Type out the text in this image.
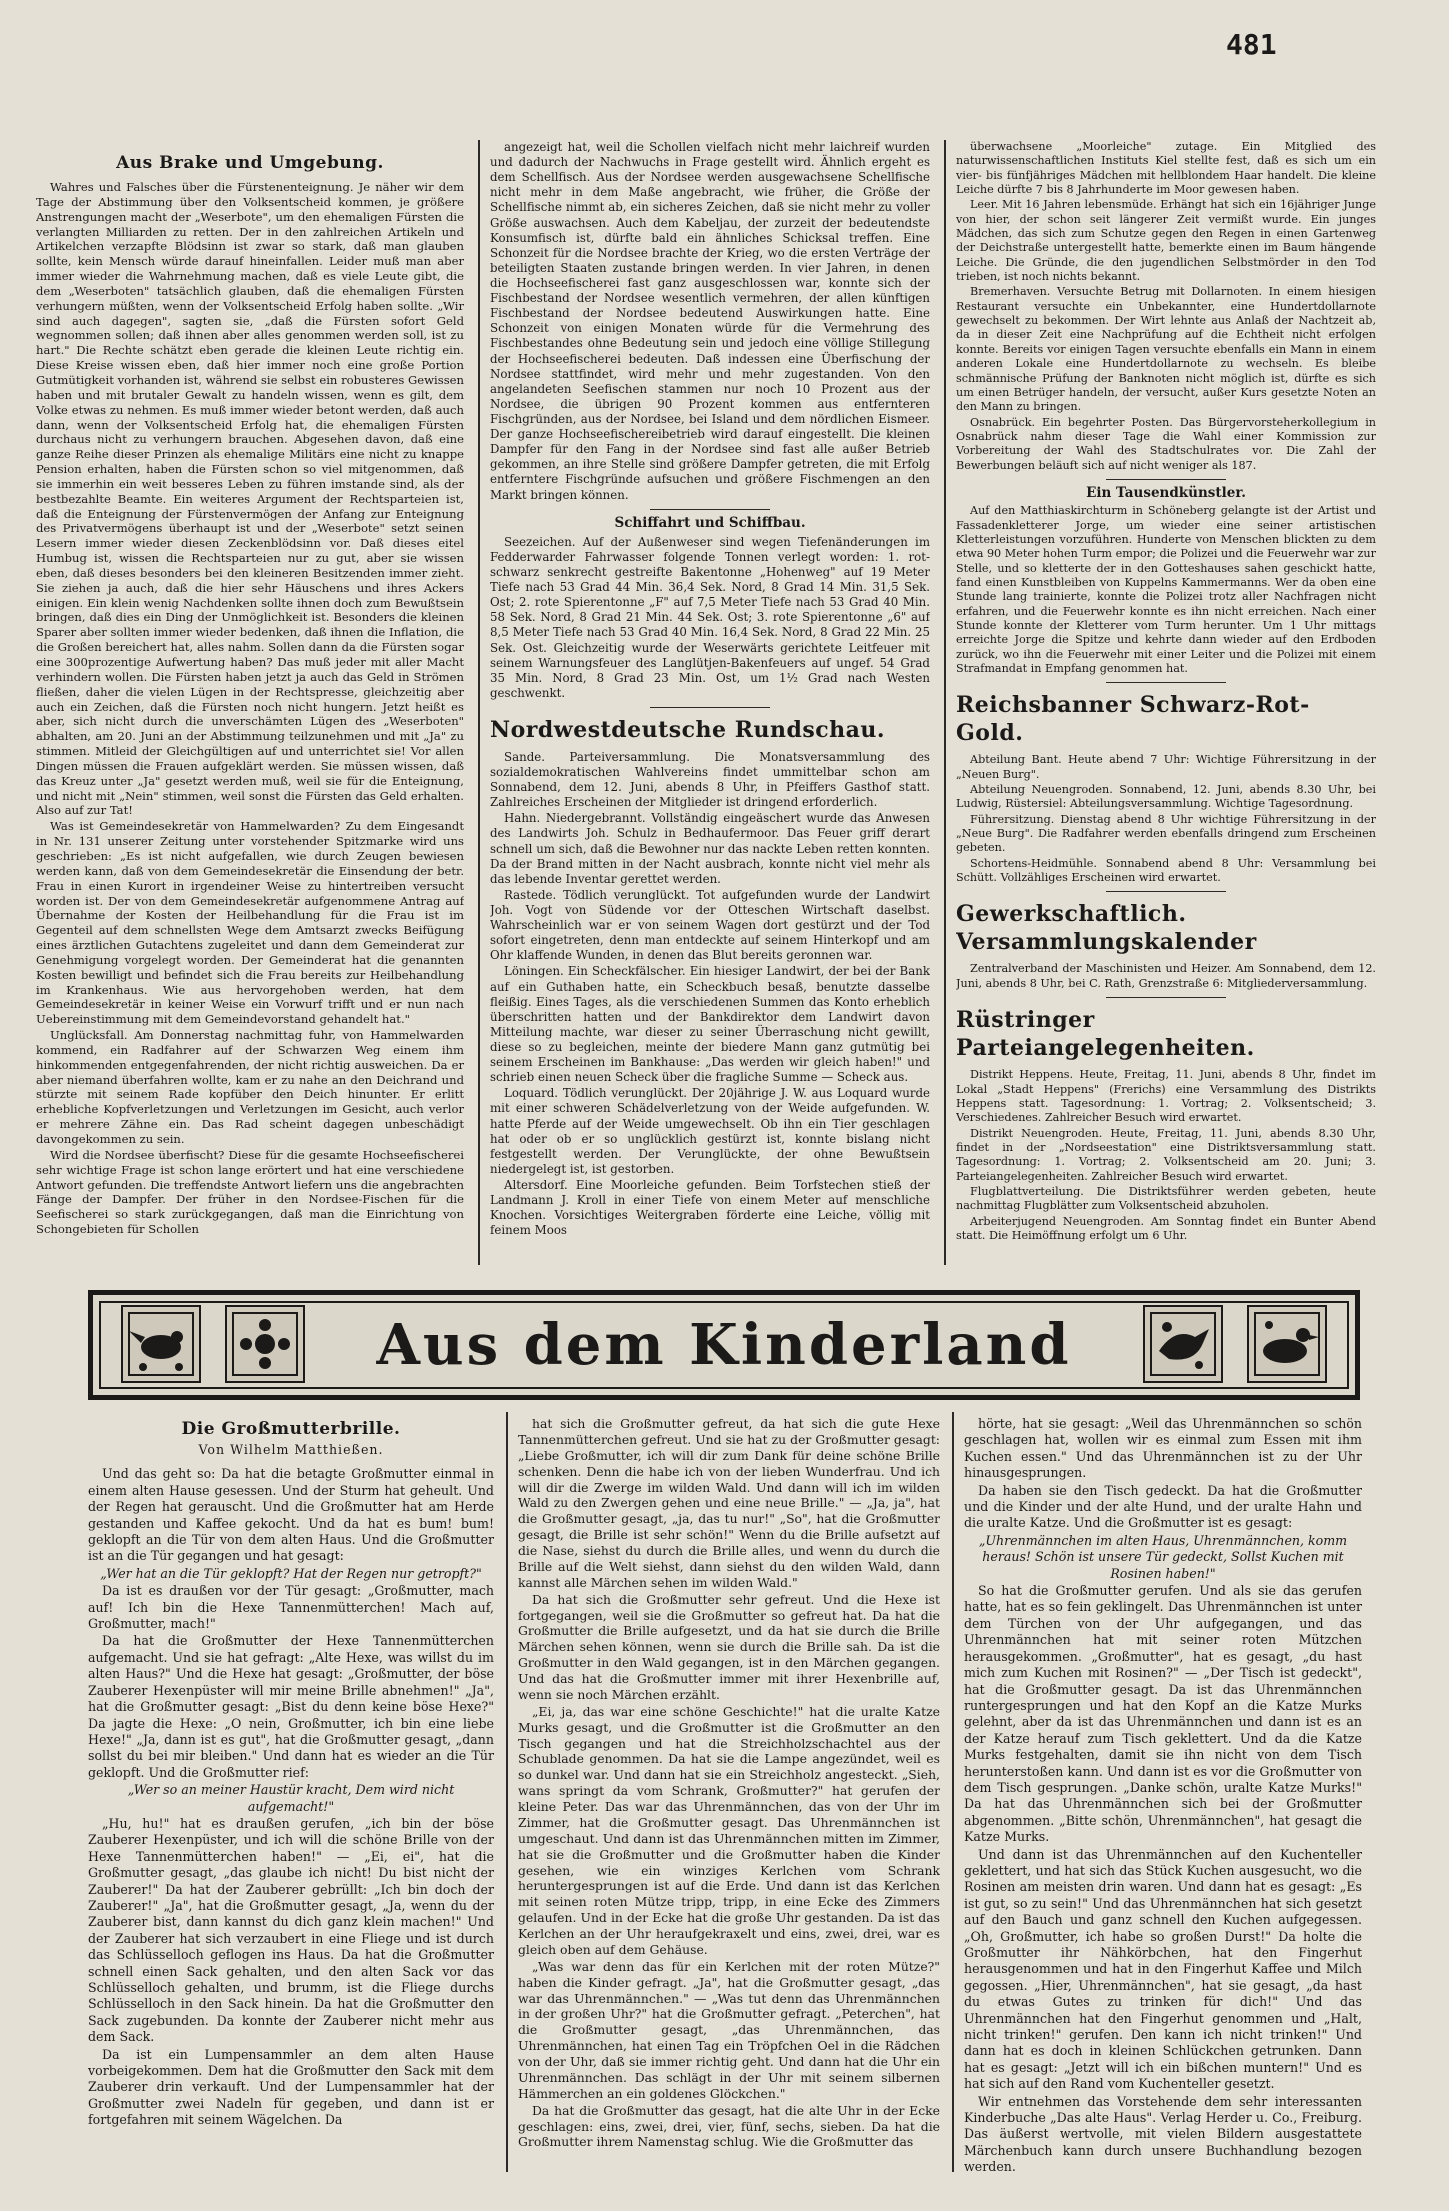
481
Aus Brake und Umgebung.

Wahres und Falsches über die Fürstenenteignung. Je näher wir dem Tage der Abstimmung über den Volksentscheid kommen, je größere Anstrengungen macht der „Weserbote", um den ehemaligen Fürsten die verlangten Milliarden zu retten. Der in den zahlreichen Artikeln und Artikelchen verzapfte Blödsinn ist zwar so stark, daß man glauben sollte, kein Mensch würde darauf hineinfallen. Leider muß man aber immer wieder die Wahrnehmung machen, daß es viele Leute gibt, die dem „Weserboten" tatsächlich glauben, daß die ehemaligen Fürsten verhungern müßten, wenn der Volksentscheid Erfolg haben sollte. „Wir sind auch dagegen", sagten sie, „daß die Fürsten sofort Geld wegnommen sollen; daß ihnen aber alles genommen werden soll, ist zu hart." Die Rechte schätzt eben gerade die kleinen Leute richtig ein. Diese Kreise wissen eben, daß hier immer noch eine große Portion Gutmütigkeit vorhanden ist, während sie selbst ein robusteres Gewissen haben und mit brutaler Gewalt zu handeln wissen, wenn es gilt, dem Volke etwas zu nehmen. Es muß immer wieder betont werden, daß auch dann, wenn der Volksentscheid Erfolg hat, die ehemaligen Fürsten durchaus nicht zu verhungern brauchen. Abgesehen davon, daß eine ganze Reihe dieser Prinzen als ehemalige Militärs eine nicht zu knappe Pension erhalten, haben die Fürsten schon so viel mitgenommen, daß sie immerhin ein weit besseres Leben zu führen imstande sind, als der bestbezahlte Beamte. Ein weiteres Argument der Rechtsparteien ist, daß die Enteignung der Fürstenvermögen der Anfang zur Enteignung des Privatvermögens überhaupt ist und der „Weserbote" setzt seinen Lesern immer wieder diesen Zeckenblödsinn vor. Daß dieses eitel Humbug ist, wissen die Rechtsparteien nur zu gut, aber sie wissen eben, daß dieses besonders bei den kleineren Besitzenden immer zieht. Sie ziehen ja auch, daß die hier sehr Häuschens und ihres Ackers einigen. Ein klein wenig Nachdenken sollte ihnen doch zum Bewußtsein bringen, daß dies ein Ding der Unmöglichkeit ist. Besonders die kleinen Sparer aber sollten immer wieder bedenken, daß ihnen die Inflation, die die Großen bereichert hat, alles nahm. Sollen dann da die Fürsten sogar eine 300prozentige Aufwertung haben? Das muß jeder mit aller Macht verhindern wollen. Die Fürsten haben jetzt ja auch das Geld in Strömen fließen, daher die vielen Lügen in der Rechtspresse, gleichzeitig aber auch ein Zeichen, daß die Fürsten noch nicht hungern. Jetzt heißt es aber, sich nicht durch die unverschämten Lügen des „Weserboten" abhalten, am 20. Juni an der Abstimmung teilzunehmen und mit „Ja" zu stimmen. Mitleid der Gleichgültigen auf und unterrichtet sie! Vor allen Dingen müssen die Frauen aufgeklärt werden. Sie müssen wissen, daß das Kreuz unter „Ja" gesetzt werden muß, weil sie für die Enteignung, und nicht mit „Nein" stimmen, weil sonst die Fürsten das Geld erhalten. Also auf zur Tat!

Was ist Gemeindesekretär von Hammelwarden? Zu dem Eingesandt in Nr. 131 unserer Zeitung unter vorstehender Spitzmarke wird uns geschrieben: „Es ist nicht aufgefallen, wie durch Zeugen bewiesen werden kann, daß von dem Gemeindesekretär die Einsendung der betr. Frau in einen Kurort in irgendeiner Weise zu hintertreiben versucht worden ist. Der von dem Gemeindesekretär aufgenommene Antrag auf Übernahme der Kosten der Heilbehandlung für die Frau ist im Gegenteil auf dem schnellsten Wege dem Amtsarzt zwecks Beifügung eines ärztlichen Gutachtens zugeleitet und dann dem Gemeinderat zur Genehmigung vorgelegt worden. Der Gemeinderat hat die genannten Kosten bewilligt und befindet sich die Frau bereits zur Heilbehandlung im Krankenhaus. Wie aus hervorgehoben werden, hat dem Gemeindesekretär in keiner Weise ein Vorwurf trifft und er nun nach Uebereinstimmung mit dem Gemeindevorstand gehandelt hat."

Unglücksfall. Am Donnerstag nachmittag fuhr, von Hammelwarden kommend, ein Radfahrer auf der Schwarzen Weg einem ihm hinkommenden entgegenfahrenden, der nicht richtig ausweichen. Da er aber niemand überfahren wollte, kam er zu nahe an den Deichrand und stürzte mit seinem Rade kopfüber den Deich hinunter. Er erlitt erhebliche Kopfverletzungen und Verletzungen im Gesicht, auch verlor er mehrere Zähne ein. Das Rad scheint dagegen unbeschädigt davongekommen zu sein.

Wird die Nordsee überfischt? Diese für die gesamte Hochseefischerei sehr wichtige Frage ist schon lange erörtert und hat eine verschiedene Antwort gefunden. Die treffendste Antwort liefern uns die angebrachten Fänge der Dampfer. Der früher in den Nordsee-Fischen für die Seefischerei so stark zurückgegangen, daß man die Einrichtung von Schongebieten für Schollen

angezeigt hat, weil die Schollen vielfach nicht mehr laichreif wurden und dadurch der Nachwuchs in Frage gestellt wird. Ähnlich ergeht es dem Schellfisch. Aus der Nordsee werden ausgewachsene Schellfische nicht mehr in dem Maße angebracht, wie früher, die Größe der Schellfische nimmt ab, ein sicheres Zeichen, daß sie nicht mehr zu voller Größe auswachsen. Auch dem Kabeljau, der zurzeit der bedeutendste Konsumfisch ist, dürfte bald ein ähnliches Schicksal treffen. Eine Schonzeit für die Nordsee brachte der Krieg, wo die ersten Verträge der beteiligten Staaten zustande bringen werden. In vier Jahren, in denen die Hochseefischerei fast ganz ausgeschlossen war, konnte sich der Fischbestand der Nordsee wesentlich vermehren, der allen künftigen Fischbestand der Nordsee bedeutend Auswirkungen hatte. Eine Schonzeit von einigen Monaten würde für die Vermehrung des Fischbestandes ohne Bedeutung sein und jedoch eine völlige Stillegung der Hochseefischerei bedeuten. Daß indessen eine Überfischung der Nordsee stattfindet, wird mehr und mehr zugestanden. Von den angelandeten Seefischen stammen nur noch 10 Prozent aus der Nordsee, die übrigen 90 Prozent kommen aus entfernteren Fischgründen, aus der Nordsee, bei Island und dem nördlichen Eismeer. Der ganze Hochseefischereibetrieb wird darauf eingestellt. Die kleinen Dampfer für den Fang in der Nordsee sind fast alle außer Betrieb gekommen, an ihre Stelle sind größere Dampfer getreten, die mit Erfolg entferntere Fischgründe aufsuchen und größere Fischmengen an den Markt bringen können.

Schiffahrt und Schiffbau.

Seezeichen. Auf der Außenweser sind wegen Tiefenänderungen im Fedderwarder Fahrwasser folgende Tonnen verlegt worden: 1. rot-schwarz senkrecht gestreifte Bakentonne „Hohenweg" auf 19 Meter Tiefe nach 53 Grad 44 Min. 36,4 Sek. Nord, 8 Grad 14 Min. 31,5 Sek. Ost; 2. rote Spierentonne „F" auf 7,5 Meter Tiefe nach 53 Grad 40 Min. 58 Sek. Nord, 8 Grad 21 Min. 44 Sek. Ost; 3. rote Spierentonne „6" auf 8,5 Meter Tiefe nach 53 Grad 40 Min. 16,4 Sek. Nord, 8 Grad 22 Min. 25 Sek. Ost. Gleichzeitig wurde der Weserwärts gerichtete Leitfeuer mit seinem Warnungsfeuer des Langlütjen-Bakenfeuers auf ungef. 54 Grad 35 Min. Nord, 8 Grad 23 Min. Ost, um 1½ Grad nach Westen geschwenkt.

Nordwestdeutsche Rundschau.

Sande. Parteiversammlung. Die Monatsversammlung des sozialdemokratischen Wahlvereins findet ummittelbar schon am Sonnabend, dem 12. Juni, abends 8 Uhr, in Pfeiffers Gasthof statt. Zahlreiches Erscheinen der Mitglieder ist dringend erforderlich.

Hahn. Niedergebrannt. Vollständig eingeäschert wurde das Anwesen des Landwirts Joh. Schulz in Bedhaufermoor. Das Feuer griff derart schnell um sich, daß die Bewohner nur das nackte Leben retten konnten. Da der Brand mitten in der Nacht ausbrach, konnte nicht viel mehr als das lebende Inventar gerettet werden.

Rastede. Tödlich verunglückt. Tot aufgefunden wurde der Landwirt Joh. Vogt von Südende vor der Otteschen Wirtschaft daselbst. Wahrscheinlich war er von seinem Wagen dort gestürzt und der Tod sofort eingetreten, denn man entdeckte auf seinem Hinterkopf und am Ohr klaffende Wunden, in denen das Blut bereits geronnen war.

Löningen. Ein Scheckfälscher. Ein hiesiger Landwirt, der bei der Bank auf ein Guthaben hatte, ein Scheckbuch besaß, benutzte dasselbe fleißig. Eines Tages, als die verschiedenen Summen das Konto erheblich überschritten hatten und der Bankdirektor dem Landwirt davon Mitteilung machte, war dieser zu seiner Überraschung nicht gewillt, diese so zu begleichen, meinte der biedere Mann ganz gutmütig bei seinem Erscheinen im Bankhause: „Das werden wir gleich haben!" und schrieb einen neuen Scheck über die fragliche Summe — Scheck aus.

Loquard. Tödlich verunglückt. Der 20jährige J. W. aus Loquard wurde mit einer schweren Schädelverletzung von der Weide aufgefunden. W. hatte Pferde auf der Weide umgewechselt. Ob ihn ein Tier geschlagen hat oder ob er so unglücklich gestürzt ist, konnte bislang nicht festgestellt werden. Der Verunglückte, der ohne Bewußtsein niedergelegt ist, ist gestorben.

Altersdorf. Eine Moorleiche gefunden. Beim Torfstechen stieß der Landmann J. Kroll in einer Tiefe von einem Meter auf menschliche Knochen. Vorsichtiges Weitergraben förderte eine Leiche, völlig mit feinem Moos

überwachsene „Moorleiche" zutage. Ein Mitglied des naturwissenschaftlichen Instituts Kiel stellte fest, daß es sich um ein vier- bis fünfjähriges Mädchen mit hellblondem Haar handelt. Die kleine Leiche dürfte 7 bis 8 Jahrhunderte im Moor gewesen haben.

Leer. Mit 16 Jahren lebensmüde. Erhängt hat sich ein 16jähriger Junge von hier, der schon seit längerer Zeit vermißt wurde. Ein junges Mädchen, das sich zum Schutze gegen den Regen in einen Gartenweg der Deichstraße untergestellt hatte, bemerkte einen im Baum hängende Leiche. Die Gründe, die den jugendlichen Selbstmörder in den Tod trieben, ist noch nichts bekannt.

Bremerhaven. Versuchte Betrug mit Dollarnoten. In einem hiesigen Restaurant versuchte ein Unbekannter, eine Hundertdollarnote gewechselt zu bekommen. Der Wirt lehnte aus Anlaß der Nachtzeit ab, da in dieser Zeit eine Nachprüfung auf die Echtheit nicht erfolgen konnte. Bereits vor einigen Tagen versuchte ebenfalls ein Mann in einem anderen Lokale eine Hundertdollarnote zu wechseln. Es bleibe schmännische Prüfung der Banknoten nicht möglich ist, dürfte es sich um einen Betrüger handeln, der versucht, außer Kurs gesetzte Noten an den Mann zu bringen.

Osnabrück. Ein begehrter Posten. Das Bürgervorsteherkollegium in Osnabrück nahm dieser Tage die Wahl einer Kommission zur Vorbereitung der Wahl des Stadtschulrates vor. Die Zahl der Bewerbungen beläuft sich auf nicht weniger als 187.

Ein Tausendkünstler.

Auf den Matthiaskirchturm in Schöneberg gelangte ist der Artist und Fassadenkletterer Jorge, um wieder eine seiner artistischen Kletterleistungen vorzuführen. Hunderte von Menschen blickten zu dem etwa 90 Meter hohen Turm empor; die Polizei und die Feuerwehr war zur Stelle, und so kletterte der in den Gotteshauses sahen geschickt hatte, fand einen Kunstbleiben von Kuppelns Kammermanns. Wer da oben eine Stunde lang trainierte, konnte die Polizei trotz aller Nachfragen nicht erfahren, und die Feuerwehr konnte es ihn nicht erreichen. Nach einer Stunde konnte der Kletterer vom Turm herunter. Um 1 Uhr mittags erreichte Jorge die Spitze und kehrte dann wieder auf den Erdboden zurück, wo ihn die Feuerwehr mit einer Leiter und die Polizei mit einem Strafmandat in Empfang genommen hat.

Reichsbanner Schwarz-Rot-Gold.

Abteilung Bant. Heute abend 7 Uhr: Wichtige Führersitzung in der „Neuen Burg".

Abteilung Neuengroden. Sonnabend, 12. Juni, abends 8.30 Uhr, bei Ludwig, Rüstersiel: Abteilungsversammlung. Wichtige Tagesordnung.

Führersitzung. Dienstag abend 8 Uhr wichtige Führersitzung in der „Neue Burg". Die Radfahrer werden ebenfalls dringend zum Erscheinen gebeten.

Schortens-Heidmühle. Sonnabend abend 8 Uhr: Versammlung bei Schütt. Vollzähliges Erscheinen wird erwartet.

Gewerkschaftlich. Versammlungskalender

Zentralverband der Maschinisten und Heizer. Am Sonnabend, dem 12. Juni, abends 8 Uhr, bei C. Rath, Grenzstraße 6: Mitgliederversammlung.

Rüstringer Parteiangelegenheiten.

Distrikt Heppens. Heute, Freitag, 11. Juni, abends 8 Uhr, findet im Lokal „Stadt Heppens" (Frerichs) eine Versammlung des Distrikts Heppens statt. Tagesordnung: 1. Vortrag; 2. Volksentscheid; 3. Verschiedenes. Zahlreicher Besuch wird erwartet.

Distrikt Neuengroden. Heute, Freitag, 11. Juni, abends 8.30 Uhr, findet in der „Nordseestation" eine Distriktsversammlung statt. Tagesordnung: 1. Vortrag; 2. Volksentscheid am 20. Juni; 3. Parteiangelegenheiten. Zahlreicher Besuch wird erwartet.

Flugblattverteilung. Die Distriktsführer werden gebeten, heute nachmittag Flugblätter zum Volksentscheid abzuholen.

Arbeiterjugend Neuengroden. Am Sonntag findet ein Bunter Abend statt. Die Heimöffnung erfolgt um 6 Uhr.

Aus dem Kinderland
Die Großmutterbrille.
Von Wilhelm Matthießen.

Und das geht so: Da hat die betagte Großmutter einmal in einem alten Hause gesessen. Und der Sturm hat geheult. Und der Regen hat gerauscht. Und die Großmutter hat am Herde gestanden und Kaffee gekocht. Und da hat es bum! bum! geklopft an die Tür von dem alten Haus. Und die Großmutter ist an die Tür gegangen und hat gesagt:

„Wer hat an die Tür geklopft? Hat der Regen nur getropft?"

Da ist es draußen vor der Tür gesagt: „Großmutter, mach auf! Ich bin die Hexe Tannenmütterchen! Mach auf, Großmutter, mach!"

Da hat die Großmutter der Hexe Tannenmütterchen aufgemacht. Und sie hat gefragt: „Alte Hexe, was willst du im alten Haus?" Und die Hexe hat gesagt: „Großmutter, der böse Zauberer Hexenpüster will mir meine Brille abnehmen!" „Ja", hat die Großmutter gesagt: „Bist du denn keine böse Hexe?" Da jagte die Hexe: „O nein, Großmutter, ich bin eine liebe Hexe!" „Ja, dann ist es gut", hat die Großmutter gesagt, „dann sollst du bei mir bleiben." Und dann hat es wieder an die Tür geklopft. Und die Großmutter rief:

„Wer so an meiner Haustür kracht, Dem wird nicht aufgemacht!"

„Hu, hu!" hat es draußen gerufen, „ich bin der böse Zauberer Hexenpüster, und ich will die schöne Brille von der Hexe Tannenmütterchen haben!" — „Ei, ei", hat die Großmutter gesagt, „das glaube ich nicht! Du bist nicht der Zauberer!" Da hat der Zauberer gebrüllt: „Ich bin doch der Zauberer!" „Ja", hat die Großmutter gesagt, „Ja, wenn du der Zauberer bist, dann kannst du dich ganz klein machen!" Und der Zauberer hat sich verzaubert in eine Fliege und ist durch das Schlüsselloch geflogen ins Haus. Da hat die Großmutter schnell einen Sack gehalten, und den alten Sack vor das Schlüsselloch gehalten, und brumm, ist die Fliege durchs Schlüsselloch in den Sack hinein. Da hat die Großmutter den Sack zugebunden. Da konnte der Zauberer nicht mehr aus dem Sack.

Da ist ein Lumpensammler an dem alten Hause vorbeigekommen. Dem hat die Großmutter den Sack mit dem Zauberer drin verkauft. Und der Lumpensammler hat der Großmutter zwei Nadeln für gegeben, und dann ist er fortgefahren mit seinem Wägelchen. Da

hat sich die Großmutter gefreut, da hat sich die gute Hexe Tannenmütterchen gefreut. Und sie hat zu der Großmutter gesagt: „Liebe Großmutter, ich will dir zum Dank für deine schöne Brille schenken. Denn die habe ich von der lieben Wunderfrau. Und ich will dir die Zwerge im wilden Wald. Und dann will ich im wilden Wald zu den Zwergen gehen und eine neue Brille." — „Ja, ja", hat die Großmutter gesagt, „ja, das tu nur!" „So", hat die Großmutter gesagt, die Brille ist sehr schön!" Wenn du die Brille aufsetzt auf die Nase, siehst du durch die Brille alles, und wenn du durch die Brille auf die Welt siehst, dann siehst du den wilden Wald, dann kannst alle Märchen sehen im wilden Wald."

Da hat sich die Großmutter sehr gefreut. Und die Hexe ist fortgegangen, weil sie die Großmutter so gefreut hat. Da hat die Großmutter die Brille aufgesetzt, und da hat sie durch die Brille Märchen sehen können, wenn sie durch die Brille sah. Da ist die Großmutter in den Wald gegangen, ist in den Märchen gegangen. Und das hat die Großmutter immer mit ihrer Hexenbrille auf, wenn sie noch Märchen erzählt.

„Ei, ja, das war eine schöne Geschichte!" hat die uralte Katze Murks gesagt, und die Großmutter ist die Großmutter an den Tisch gegangen und hat die Streichholzschachtel aus der Schublade genommen. Da hat sie die Lampe angezündet, weil es so dunkel war. Und dann hat sie ein Streichholz angesteckt. „Sieh, wans springt da vom Schrank, Großmutter?" hat gerufen der kleine Peter. Das war das Uhrenmännchen, das von der Uhr im Zimmer, hat die Großmutter gesagt. Das Uhrenmännchen ist umgeschaut. Und dann ist das Uhrenmännchen mitten im Zimmer, hat sie die Großmutter und die Großmutter haben die Kinder gesehen, wie ein winziges Kerlchen vom Schrank heruntergesprungen ist auf die Erde. Und dann ist das Kerlchen mit seinen roten Mütze tripp, tripp, in eine Ecke des Zimmers gelaufen. Und in der Ecke hat die große Uhr gestanden. Da ist das Kerlchen an der Uhr heraufgekraxelt und eins, zwei, drei, war es gleich oben auf dem Gehäuse.

„Was war denn das für ein Kerlchen mit der roten Mütze?" haben die Kinder gefragt. „Ja", hat die Großmutter gesagt, „das war das Uhrenmännchen." — „Was tut denn das Uhrenmännchen in der großen Uhr?" hat die Großmutter gefragt. „Peterchen", hat die Großmutter gesagt, „das Uhrenmännchen, das Uhrenmännchen, hat einen Tag ein Tröpfchen Oel in die Rädchen von der Uhr, daß sie immer richtig geht. Und dann hat die Uhr ein Uhrenmännchen. Das schlägt in der Uhr mit seinem silbernen Hämmerchen an ein goldenes Glöckchen."

Da hat die Großmutter das gesagt, hat die alte Uhr in der Ecke geschlagen: eins, zwei, drei, vier, fünf, sechs, sieben. Da hat die Großmutter ihrem Namenstag schlug. Wie die Großmutter das

hörte, hat sie gesagt: „Weil das Uhrenmännchen so schön geschlagen hat, wollen wir es einmal zum Essen mit ihm Kuchen essen." Und das Uhrenmännchen ist zu der Uhr hinausgesprungen.

Da haben sie den Tisch gedeckt. Da hat die Großmutter und die Kinder und der alte Hund, und der uralte Hahn und die uralte Katze. Und die Großmutter ist es gesagt:

„Uhrenmännchen im alten Haus, Uhrenmännchen, komm heraus! Schön ist unsere Tür gedeckt, Sollst Kuchen mit Rosinen haben!"

So hat die Großmutter gerufen. Und als sie das gerufen hatte, hat es so fein geklingelt. Das Uhrenmännchen ist unter dem Türchen von der Uhr aufgegangen, und das Uhrenmännchen hat mit seiner roten Mützchen herausgekommen. „Großmutter", hat es gesagt, „du hast mich zum Kuchen mit Rosinen?" — „Der Tisch ist gedeckt", hat die Großmutter gesagt. Da ist das Uhrenmännchen runtergesprungen und hat den Kopf an die Katze Murks gelehnt, aber da ist das Uhrenmännchen und dann ist es an der Katze herauf zum Tisch geklettert. Und da die Katze Murks festgehalten, damit sie ihn nicht von dem Tisch herunterstoßen kann. Und dann ist es vor die Großmutter von dem Tisch gesprungen. „Danke schön, uralte Katze Murks!" Da hat das Uhrenmännchen sich bei der Großmutter abgenommen. „Bitte schön, Uhrenmännchen", hat gesagt die Katze Murks.

Und dann ist das Uhrenmännchen auf den Kuchenteller geklettert, und hat sich das Stück Kuchen ausgesucht, wo die Rosinen am meisten drin waren. Und dann hat es gesagt: „Es ist gut, so zu sein!" Und das Uhrenmännchen hat sich gesetzt auf den Bauch und ganz schnell den Kuchen aufgegessen. „Oh, Großmutter, ich habe so großen Durst!" Da holte die Großmutter ihr Nähkörbchen, hat den Fingerhut herausgenommen und hat in den Fingerhut Kaffee und Milch gegossen. „Hier, Uhrenmännchen", hat sie gesagt, „da hast du etwas Gutes zu trinken für dich!" Und das Uhrenmännchen hat den Fingerhut genommen und „Halt, nicht trinken!" gerufen. Den kann ich nicht trinken!" Und dann hat es doch in kleinen Schlückchen getrunken. Dann hat es gesagt: „Jetzt will ich ein bißchen muntern!" Und es hat sich auf den Rand vom Kuchenteller gesetzt.

Wir entnehmen das Vorstehende dem sehr interessanten Kinderbuche „Das alte Haus". Verlag Herder u. Co., Freiburg. Das äußerst wertvolle, mit vielen Bildern ausgestattete Märchenbuch kann durch unsere Buchhandlung bezogen werden.
